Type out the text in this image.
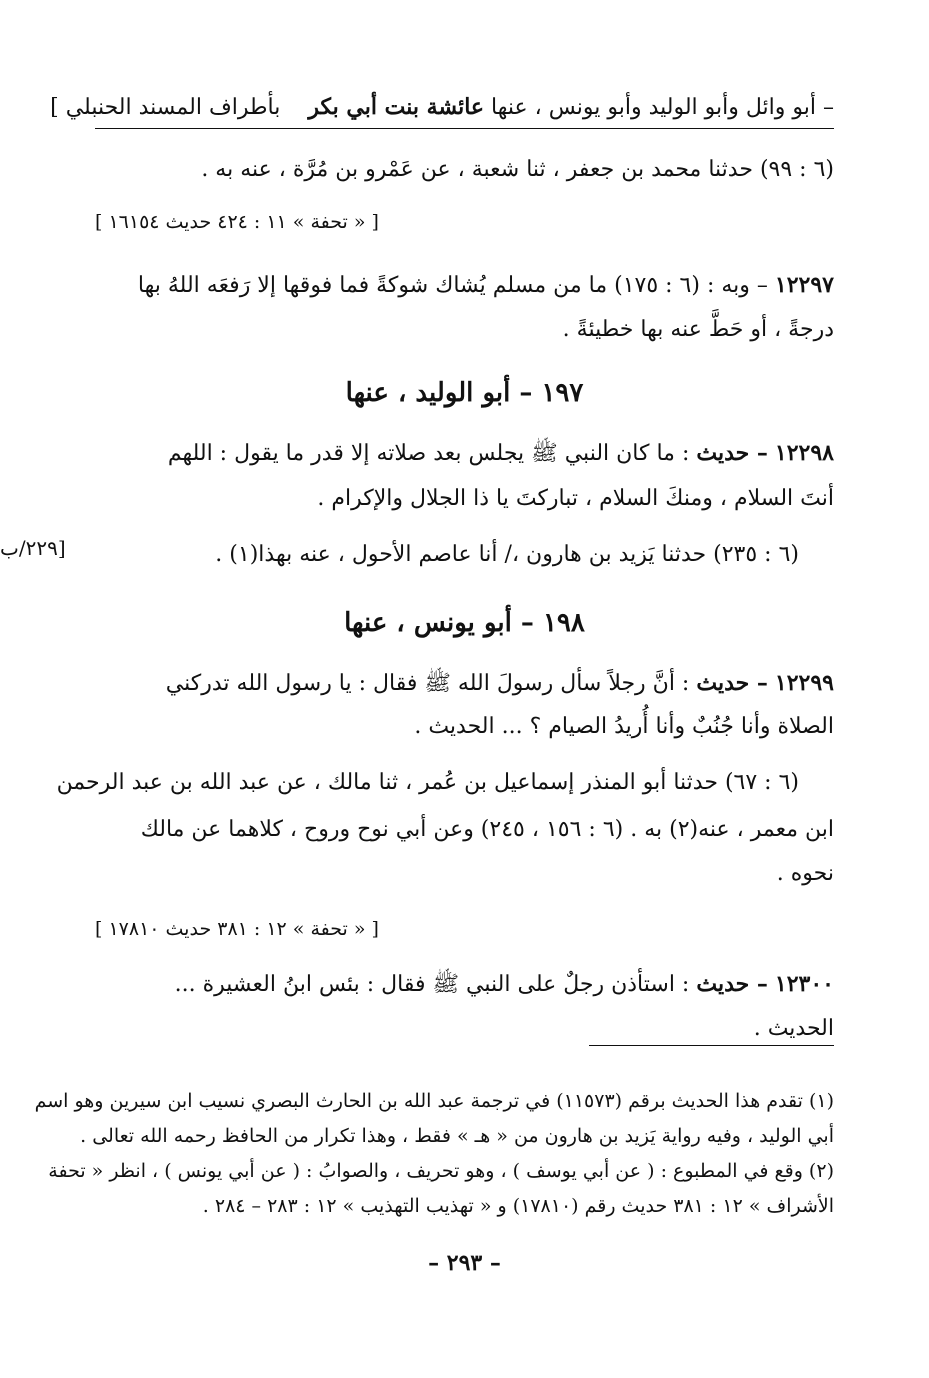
– أبو وائل وأبو الوليد وأبو يونس ، عنها عائشة بنت أبي بكر    بأطراف المسند الحنبلي ]
(٦ : ٩٩) حدثنا محمد بن جعفر ، ثنا شعبة ، عن عَمْرو بن مُرَّة ، عنه به .
[ « تحفة » ١١ : ٤٢٤ حديث ١٦١٥٤ ]
١٢٢٩٧ – وبه : (٦ : ١٧٥) ما من مسلم يُشاك شوكةً فما فوقها إلا رَفعَه اللهُ بها
درجةً ، أو حَطَّ عنه بها خطيئةً .
١٩٧ – أبو الوليد ، عنها
١٢٢٩٨ – حديث : ما كان النبي ﷺ يجلس بعد صلاته إلا قدر ما يقول : اللهم
أنتَ السلام ، ومنكَ السلام ، تباركتَ يا ذا الجلال والإكرام .
(٦ : ٢٣٥) حدثنا يَزيد بن هارون ،/ أنا عاصم الأحول ، عنه بهذا(١) .
[٢٢٩/ب
١٩٨ – أبو يونس ، عنها
١٢٢٩٩ – حديث : أنَّ رجلاً سأل رسولَ الله ﷺ فقال : يا رسول الله تدركني
الصلاة وأنا جُنُبٌ وأنا أُريدُ الصيام ؟ ... الحديث .
(٦ : ٦٧) حدثنا أبو المنذر إسماعيل بن عُمر ، ثنا مالك ، عن عبد الله بن عبد الرحمن
ابن معمر ، عنه(٢) به . (٦ : ١٥٦ ، ٢٤٥) وعن أبي نوح وروح ، كلاهما عن مالك
نحوه .
[ « تحفة » ١٢ : ٣٨١ حديث ١٧٨١٠ ]
١٢٣٠٠ – حديث : استأذن رجلٌ على النبي ﷺ فقال : بئس ابنُ العشيرة ...
الحديث .
(١) تقدم هذا الحديث برقم (١١٥٧٣) في ترجمة عبد الله بن الحارث البصري نسيب ابن سيرين وهو اسم
أبي الوليد ، وفيه رواية يَزيد بن هارون من « هـ » فقط ، وهذا تكرار من الحافظ رحمه الله تعالى .
(٢) وقع في المطبوع : ( عن أبي يوسف ) ، وهو تحريف ، والصوابُ : ( عن أبي يونس ) ، انظر « تحفة
الأشراف » ١٢ : ٣٨١ حديث رقم (١٧٨١٠) و « تهذيب التهذيب » ١٢ : ٢٨٣ – ٢٨٤ .
– ٢٩٣ –
